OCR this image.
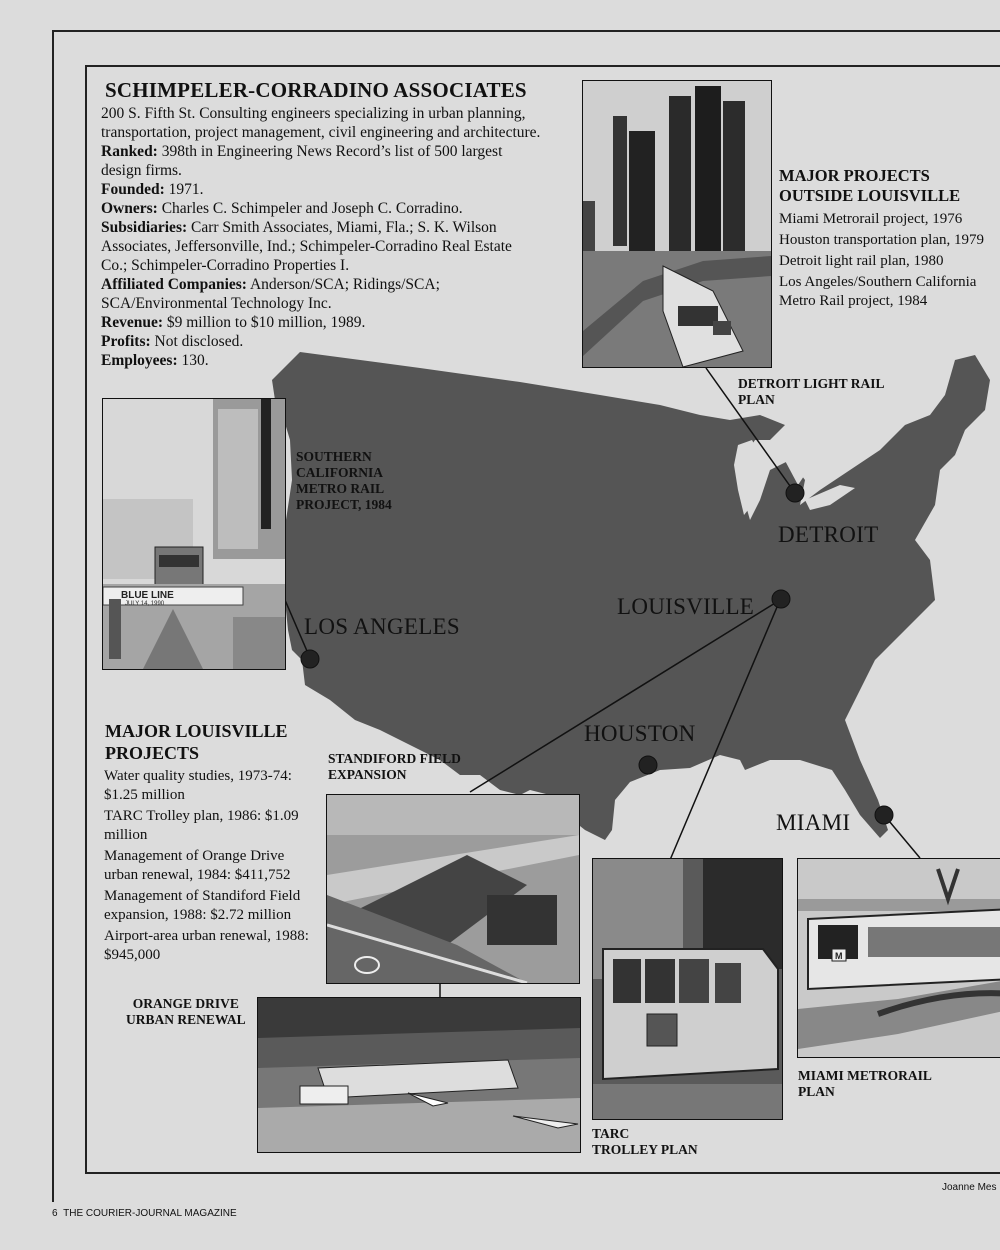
SCHIMPELER-CORRADINO ASSOCIATES

200 S. Fifth St. Consulting engineers specializing in urban planning, transportation, project management, civil engineering and architecture.

Ranked: 398th in Engineering News Record’s list of 500 largest design firms.

Founded: 1971.

Owners: Charles C. Schimpeler and Joseph C. Corradino.

Subsidiaries: Carr Smith Associates, Miami, Fla.; S. K. Wilson Associates, Jeffersonville, Ind.; Schimpeler-Corradino Real Estate Co.; Schimpeler-Corradino Properties I.

Affiliated Companies: Anderson/SCA; Ridings/SCA; SCA/Environmental Technology Inc.

Revenue: $9 million to $10 million, 1989.

Profits: Not disclosed.

Employees: 130.

MAJOR PROJECTS
OUTSIDE LOUISVILLE
Miami Metrorail project, 1976
Houston transportation plan, 1979
Detroit light rail plan, 1980
Los Angeles/Southern California Metro Rail project, 1984
DETROIT LIGHT RAIL
PLAN
BLUE LINE
JULY 14, 1990
SOUTHERN
CALIFORNIA
METRO RAIL
PROJECT, 1984
DETROIT
LOUISVILLE
LOS ANGELES
HOUSTON
MIAMI
MAJOR LOUISVILLE
PROJECTS
Water quality studies, 1973-74: $1.25 million
TARC Trolley plan, 1986: $1.09 million
Management of Orange Drive urban renewal, 1984: $411,752
Management of Standiford Field expansion, 1988: $2.72 million
Airport-area urban renewal, 1988: $945,000
STANDIFORD FIELD
EXPANSION
ORANGE DRIVE
URBAN RENEWAL
M
TARC
TROLLEY PLAN
MIAMI METRORAIL
PLAN
Joanne Mes
6 THE COURIER-JOURNAL MAGAZINE
